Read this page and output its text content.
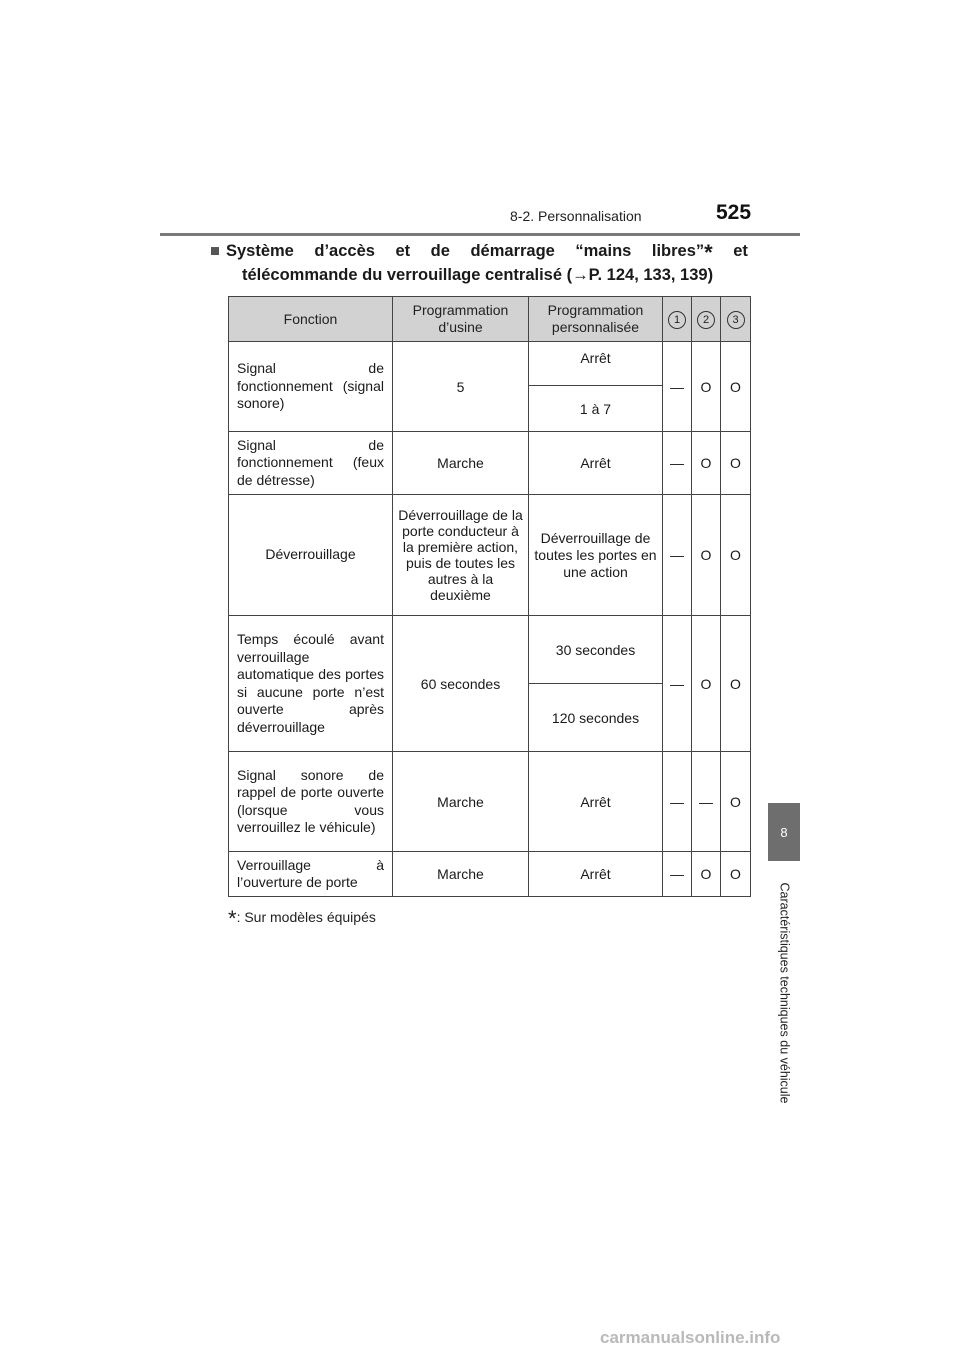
8-2. Personnalisation	525
8
Caractéristiques techniques du véhicule
■ Système d’accès et de démarrage “mains libres”* et
télécommande du verrouillage centralisé (→P. 124, 133, 139)
Fonction	Programmation d’usine	Programmation personnalisée	1	2	3
Signal de fonctionnement (signal sonore)	5	Arrêt	—	O	O
		1 à 7			
Signal de fonctionnement (feux de détresse)	Marche	Arrêt	—	O	O
Déverrouillage	Déverrouillage de la porte conducteur à la première action, puis de toutes les autres à la deuxième	Déverrouillage de toutes les portes en une action	—	O	O
Temps écoulé avant verrouillage automatique des portes si aucune porte n’est ouverte après déverrouillage	60 secondes	30 secondes	—	O	O
		120 secondes			
Signal sonore de rappel de porte ouverte (lorsque vous verrouillez le véhicule)	Marche	Arrêt	—	—	O
Verrouillage à l’ouverture de porte	Marche	Arrêt	—	O	O
*: Sur modèles équipés
carmanualsonline.info
